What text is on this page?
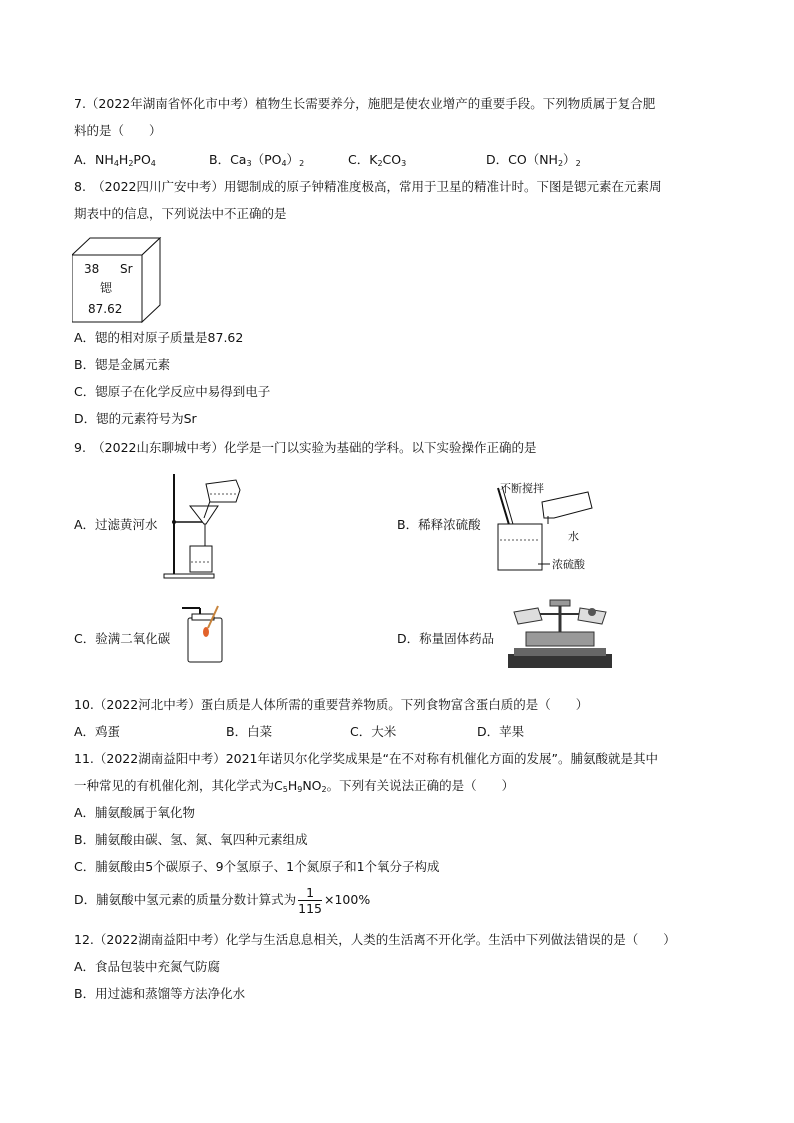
7.（2022年湖南省怀化市中考）植物生长需要养分，施肥是使农业增产的重要手段。下列物质属于复合肥
料的是（　　）
A．$NH_4H_2PO_4$	B．$Ca_3(PO_4)_2$	C．$K_2CO_3$	D．$CO(NH_2)_2$
8.　（2022四川广安中考）用锶制成的原子钟精准度极高，常用于卫星的精准计时。下图是锶元素在元素周
期表中的信息，下列说法中不正确的是
38 Sr
锶
87.62
A．锶的相对原子质量是87.62
B．锶是金属元素
C．锶原子在化学反应中易得到电子
D．锶的元素符号为Sr
9.　（2022山东聊城中考）化学是一门以实验为基础的学科。以下实验操作正确的是
A．过滤黄河水	B．稀释浓硫酸
不断搅拌
水
浓硫酸
C．验满二氧化碳	D．称量固体药品
10.（2022河北中考）蛋白质是人体所需的重要营养物质。下列食物富含蛋白质的是（　　）
A．鸡蛋	B．白菜	C．大米	D．苹果
11.（2022湖南益阳中考）2021年诺贝尔化学奖成果是“在不对称有机催化方面的发展”。脯氨酸就是其中
一种常见的有机催化剂，其化学式为$C_5H_9NO_2$。下列有关说法正确的是（　　）
A．脯氨酸属于氧化物
B．脯氨酸由碳、氢、氮、氧四种元素组成
C．脯氨酸由5个碳原子、9个氢原子、1个氮原子和1个氧分子构成
D．脯氨酸中氢元素的质量分数计算式为 $\frac{1}{115} \times 100\%$
12.（2022湖南益阳中考）化学与生活息息相关，人类的生活离不开化学。生活中下列做法错误的是（　　）
A．食品包装中充氮气防腐
B．用过滤和蒸馏等方法净化水
